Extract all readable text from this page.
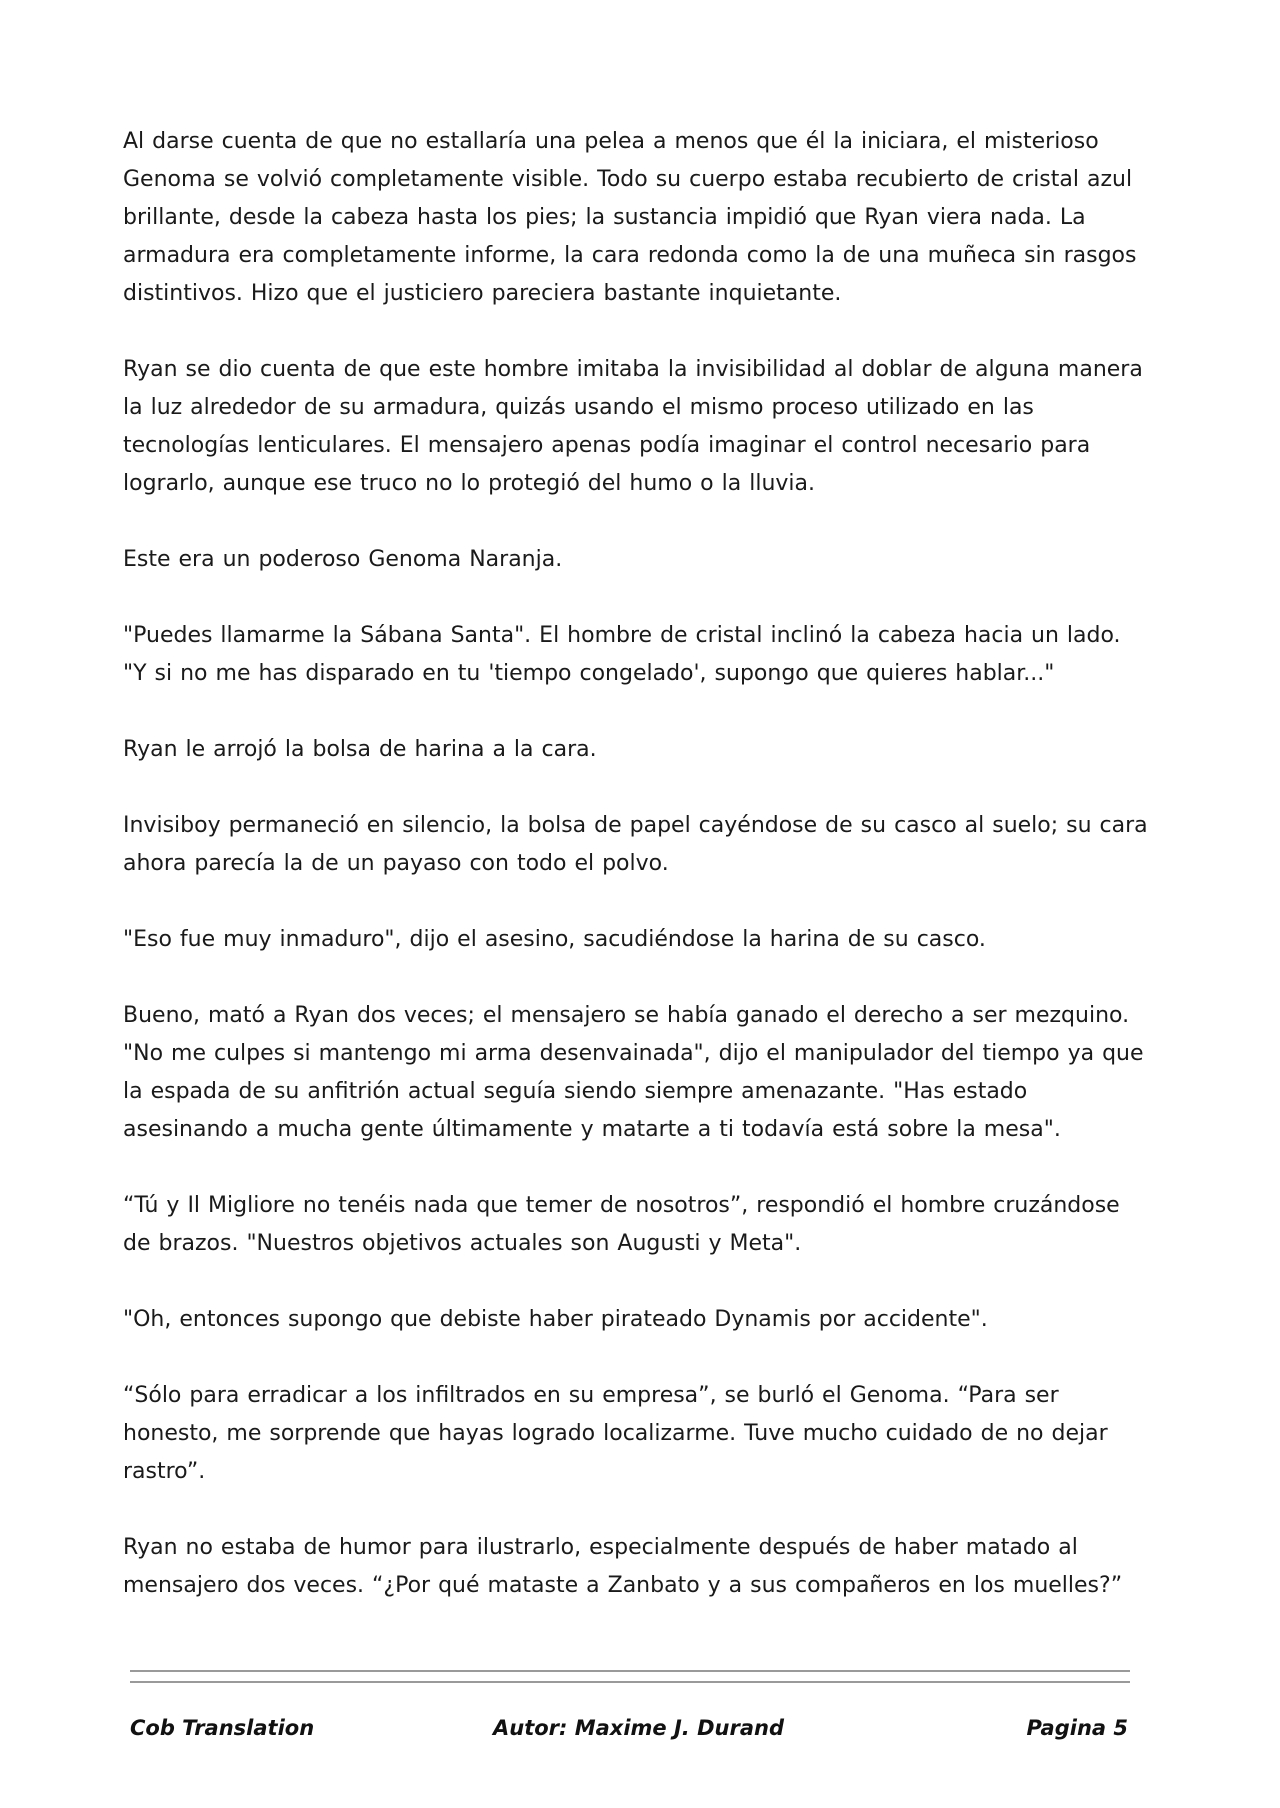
Al darse cuenta de que no estallaría una pelea a menos que él la iniciara, el misterioso Genoma se volvió completamente visible. Todo su cuerpo estaba recubierto de cristal azul brillante, desde la cabeza hasta los pies; la sustancia impidió que Ryan viera nada. La armadura era completamente informe, la cara redonda como la de una muñeca sin rasgos distintivos. Hizo que el justiciero pareciera bastante inquietante.

Ryan se dio cuenta de que este hombre imitaba la invisibilidad al doblar de alguna manera la luz alrededor de su armadura, quizás usando el mismo proceso utilizado en las tecnologías lenticulares. El mensajero apenas podía imaginar el control necesario para lograrlo, aunque ese truco no lo protegió del humo o la lluvia.

Este era un poderoso Genoma Naranja.

"Puedes llamarme la Sábana Santa". El hombre de cristal inclinó la cabeza hacia un lado. "Y si no me has disparado en tu 'tiempo congelado', supongo que quieres hablar..."

Ryan le arrojó la bolsa de harina a la cara.

Invisiboy permaneció en silencio, la bolsa de papel cayéndose de su casco al suelo; su cara ahora parecía la de un payaso con todo el polvo.

"Eso fue muy inmaduro", dijo el asesino, sacudiéndose la harina de su casco.

Bueno, mató a Ryan dos veces; el mensajero se había ganado el derecho a ser mezquino. "No me culpes si mantengo mi arma desenvainada", dijo el manipulador del tiempo ya que la espada de su anfitrión actual seguía siendo siempre amenazante. "Has estado asesinando a mucha gente últimamente y matarte a ti todavía está sobre la mesa".

“Tú y Il Migliore no tenéis nada que temer de nosotros”, respondió el hombre cruzándose de brazos. "Nuestros objetivos actuales son Augusti y Meta".

"Oh, entonces supongo que debiste haber pirateado Dynamis por accidente".

“Sólo para erradicar a los infiltrados en su empresa”, se burló el Genoma. “Para ser honesto, me sorprende que hayas logrado localizarme. Tuve mucho cuidado de no dejar rastro”.

Ryan no estaba de humor para ilustrarlo, especialmente después de haber matado al mensajero dos veces. “¿Por qué mataste a Zanbato y a sus compañeros en los muelles?”

Cob Translation	Autor: Maxime J. Durand	Pagina 5
